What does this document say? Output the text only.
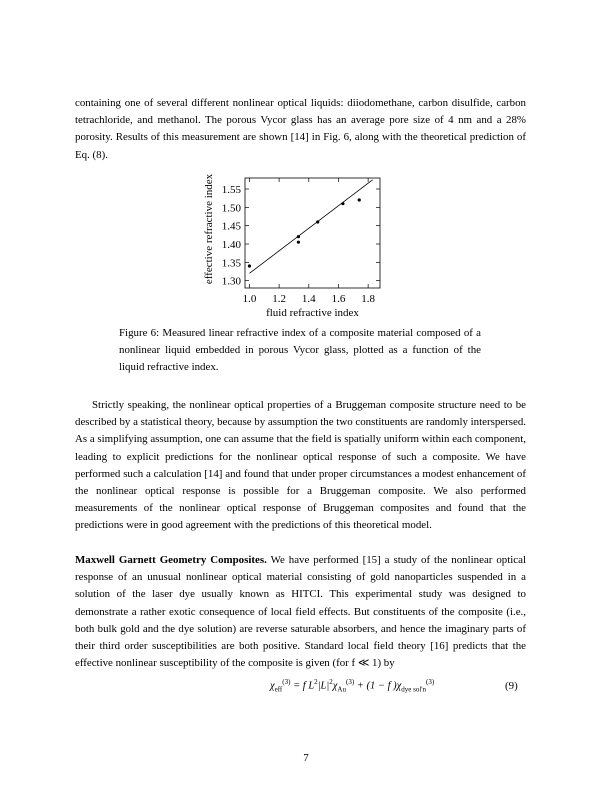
containing one of several different nonlinear optical liquids: diiodomethane, carbon disulfide, carbon tetrachloride, and methanol. The porous Vycor glass has an average pore size of 4 nm and a 28% porosity. Results of this measurement are shown [14] in Fig. 6, along with the theoretical prediction of Eq. (8).

1.0 1.2 1.4 1.6 1.8
1.30
1.35
1.40
1.45
1.50
1.55
fluid refractive index
effective refractive index

Figure 6: Measured linear refractive index of a composite material composed of a nonlinear liquid embedded in porous Vycor glass, plotted as a function of the liquid refractive index.

Strictly speaking, the nonlinear optical properties of a Bruggeman composite structure need to be described by a statistical theory, because by assumption the two constituents are randomly interspersed. As a simplifying assumption, one can assume that the field is spatially uniform within each component, leading to explicit predictions for the nonlinear optical response of such a composite. We have performed such a calculation [14] and found that under proper circumstances a modest enhancement of the nonlinear optical response is possible for a Bruggeman composite. We also performed measurements of the nonlinear optical response of Bruggeman composites and found that the predictions were in good agreement with the predictions of this theoretical model.

Maxwell Garnett Geometry Composites. We have performed [15] a study of the nonlinear optical response of an unusual nonlinear optical material consisting of gold nanoparticles suspended in a solution of the laser dye usually known as HITCI. This experimental study was designed to demonstrate a rather exotic consequence of local field effects. But constituents of the composite (i.e., both bulk gold and the dye solution) are reverse saturable absorbers, and hence the imaginary parts of their third order susceptibilities are both positive. Standard local field theory [16] predicts that the effective nonlinear susceptibility of the composite is given (for f ≪ 1) by

$\chi_{eff}^{(3)} = f$ $L^2|L|^2\chi_{Au}^{(3)} + (1 - f$ )$\chi_{dye sol'n}^{(3)}$	(9)
7
